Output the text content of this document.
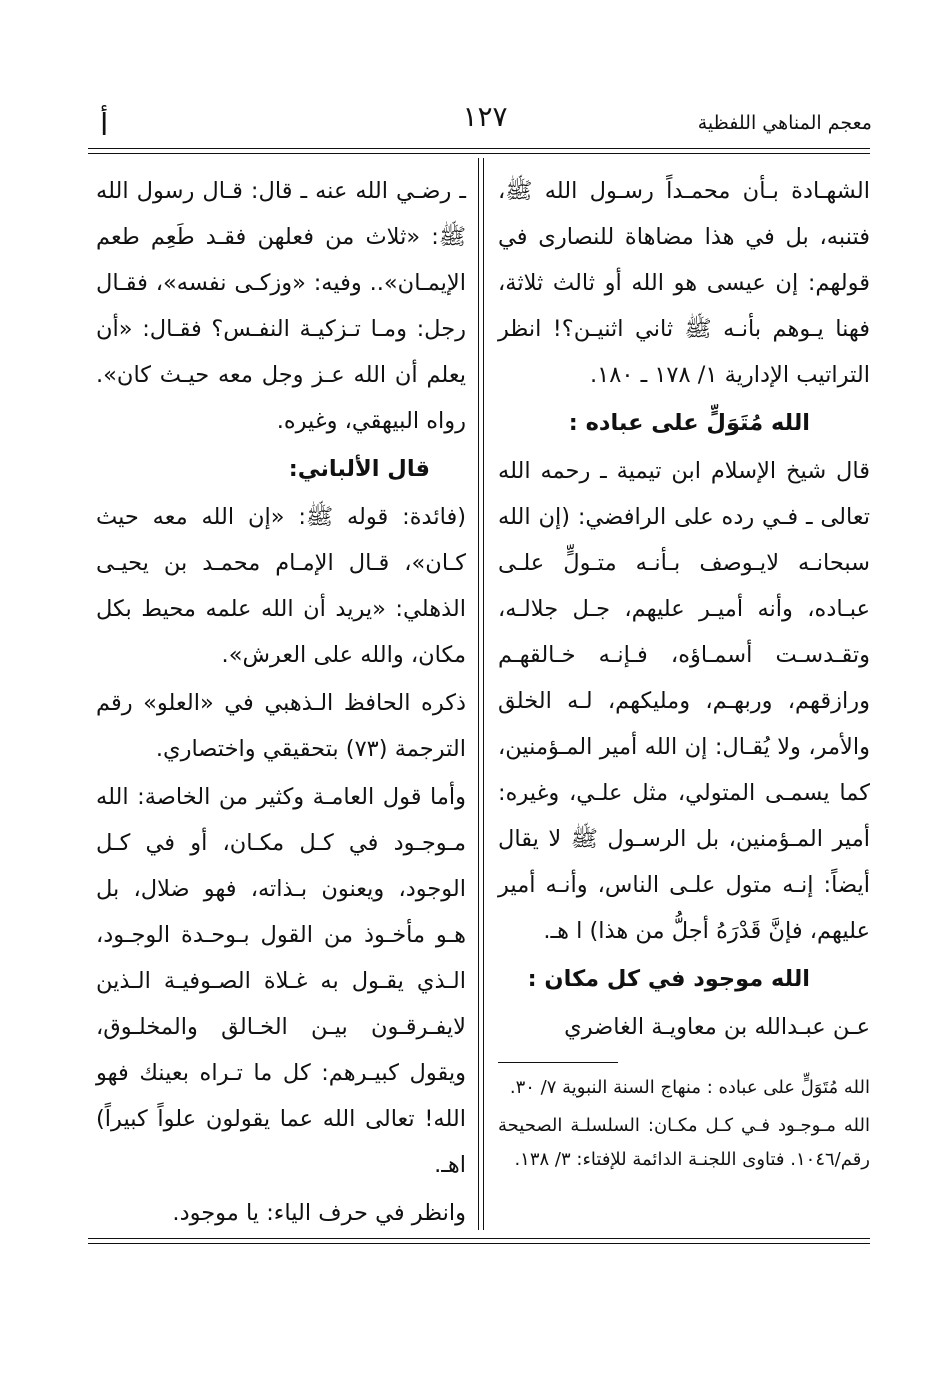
معجم المناهي اللفظية
١٢٧
أ

الشهـادة بـأن محمـداً رسـول الله ﷺ، فتنبه، بل في هذا مضاهاة للنصارى في قولهم: إن عيسى هو الله أو ثالث ثلاثة، فهنا يـوهم بأنـه ﷺ ثاني اثنيـن؟! انظر التراتيب الإدارية ١/ ١٧٨ ـ ١٨٠.

الله مُتَوَلٍّ على عباده :

قال شيخ الإسلام ابن تيمية ـ رحمه الله تعالى ـ فـي رده على الرافضي: (إن الله سبحانـه لايـوصف بـأنـه متـولٍّ علـى عبـاده، وأنه أميـر عليهم، جـل جلالـه، وتقـدسـت أسمـاؤه، فـإنـه خـالقهـم ورازقهم، وربهـم، ومليكهم، لـه الخلق والأمر، ولا يُقـال: إن الله أمير المـؤمنين، كما يسمـى المتولي، مثل علـي، وغيره: أمير المـؤمنين، بل الرسـول ﷺ لا يقال أيضاً: إنـه متول علـى الناس، وأنـه أمير عليهم، فإنَّ قَدْرَهُ أجلُّ من هذا) ا هـ.

الله موجود في كل مكان :

عـن عبـدالله بن معاويـة الغاضري

الله مُتَوَلٍّ على عباده : منهاج السنة النبوية ٧/ ٣٠.

الله مـوجـود فـي كـل مكـان: السلسلـة الصحيحة رقم/١٠٤٦. فتاوى اللجنـة الدائمة للإفتاء: ٣/ ١٣٨.

ـ رضـي الله عنه ـ قال: قـال رسول الله ﷺ: «ثلاث من فعلهن فقـد طَعِم طعم الإيمـان».. وفيه: «وزكـى نفسه»، فقـال رجل: ومـا تـزكيـة النفـس؟ فقـال: «أن يعلم أن الله عـز وجل معه حيـث كان». رواه البيهقي، وغيره.

قال الألباني:

(فائدة: قوله ﷺ: «إن الله معه حيث كـان»، قـال الإمـام محمـد بن يحيـى الذهلي: «يريد أن الله علمه محيط بكل مكان، والله على العرش».

ذكره الحافظ الـذهبي في «العلو» رقم الترجمة (٧٣) بتحقيقي واختصاري.

وأما قول العامـة وكثير من الخاصة: الله مـوجـود في كـل مكـان، أو في كـل الوجود، ويعنون بـذاته، فهو ضلال، بل هـو مأخـوذ من القول بـوحـدة الوجـود، الـذي يقـول به غـلاة الصـوفيـة الـذين لايفـرقـون بيـن الخـالق والمخلـوق، ويقول كبيـرهم: كل ما تـراه بعينك فهو الله! تعالى الله عما يقولون علواً كبيراً) اهـ.

وانظر في حرف الياء: يا موجود.
